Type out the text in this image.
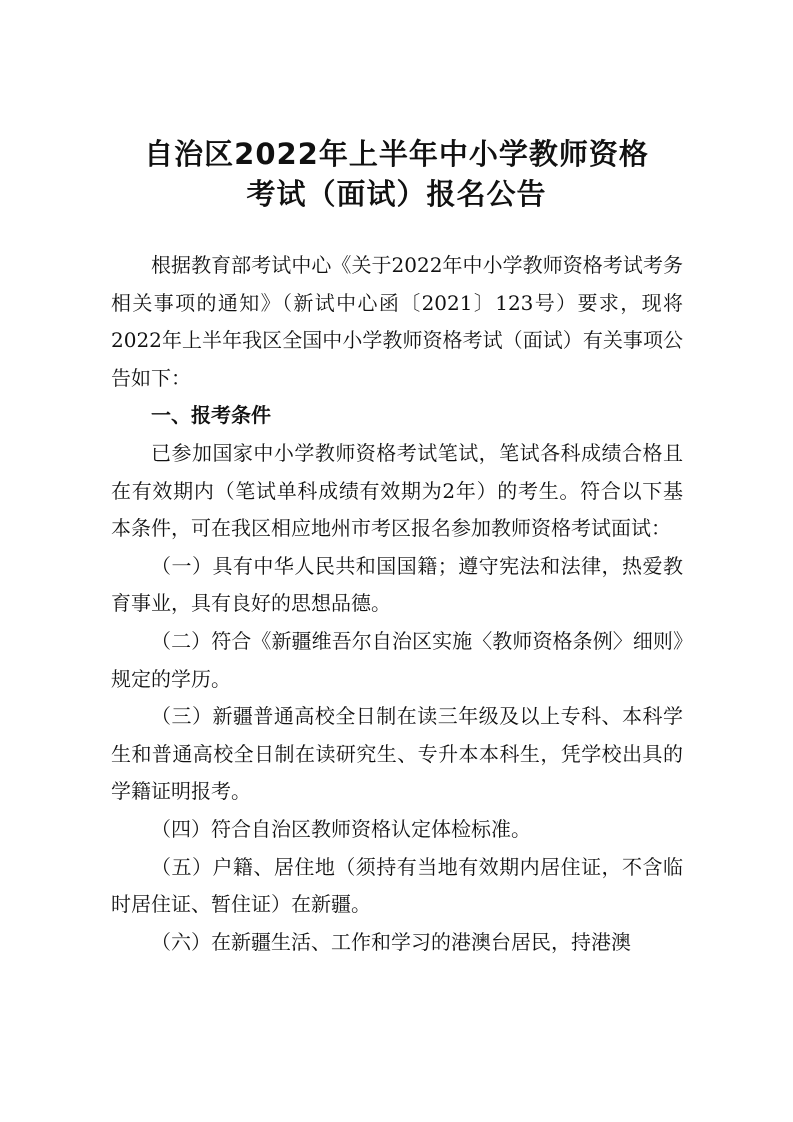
自治区2022年上半年中小学教师资格
考试（面试）报名公告

根据教育部考试中心《关于2022年中小学教师资格考试考务相关事项的通知》（新试中心函〔2021〕123号）要求，现将2022年上半年我区全国中小学教师资格考试（面试）有关事项公告如下：

一、报考条件

已参加国家中小学教师资格考试笔试，笔试各科成绩合格且在有效期内（笔试单科成绩有效期为2年）的考生。符合以下基本条件，可在我区相应地州市考区报名参加教师资格考试面试：

（一）具有中华人民共和国国籍；遵守宪法和法律，热爱教育事业，具有良好的思想品德。

（二）符合《新疆维吾尔自治区实施〈教师资格条例〉细则》规定的学历。

（三）新疆普通高校全日制在读三年级及以上专科、本科学生和普通高校全日制在读研究生、专升本本科生，凭学校出具的学籍证明报考。

（四）符合自治区教师资格认定体检标准。

（五）户籍、居住地（须持有当地有效期内居住证，不含临时居住证、暂住证）在新疆。

（六）在新疆生活、工作和学习的港澳台居民，持港澳
